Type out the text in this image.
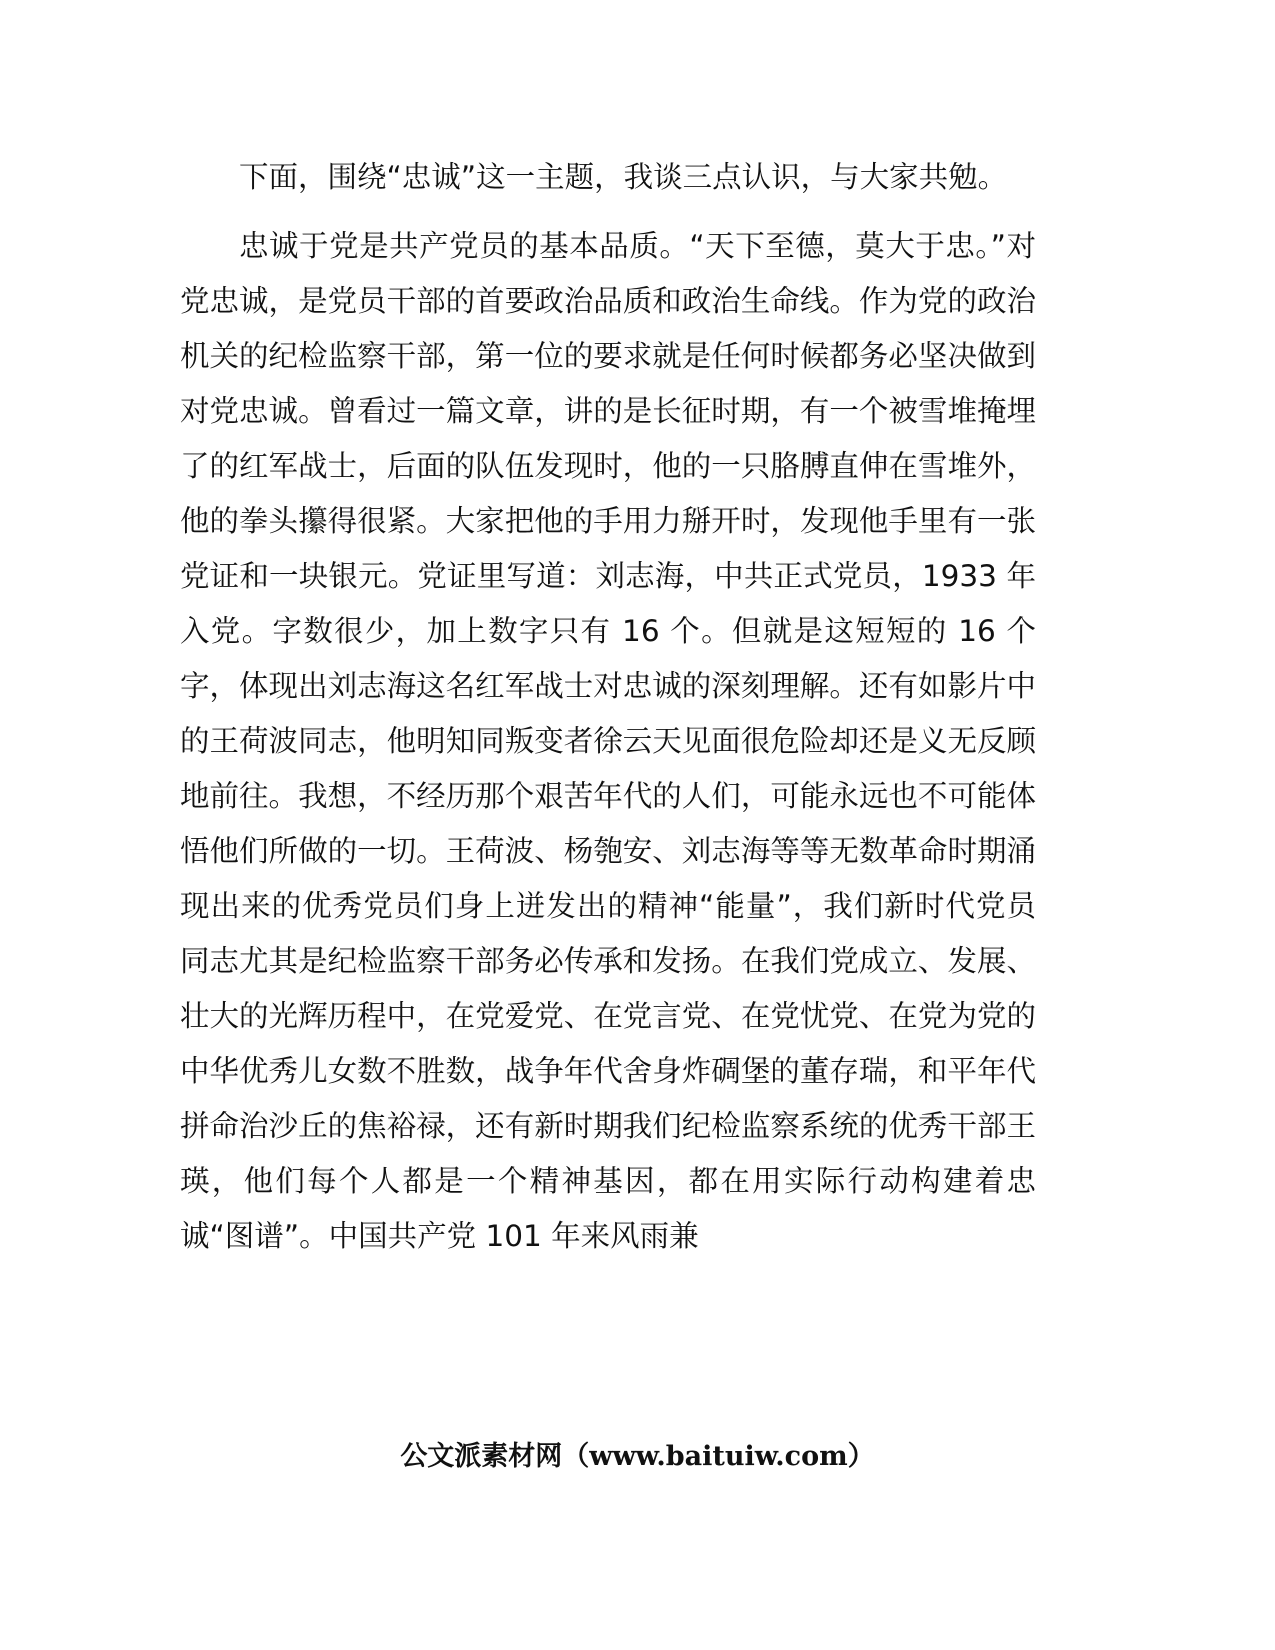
下面，围绕“忠诚”这一主题，我谈三点认识，与大家共勉。

忠诚于党是共产党员的基本品质。“天下至德，莫大于忠。”对党忠诚，是党员干部的首要政治品质和政治生命线。作为党的政治机关的纪检监察干部，第一位的要求就是任何时候都务必坚决做到对党忠诚。曾看过一篇文章，讲的是长征时期，有一个被雪堆掩埋了的红军战士，后面的队伍发现时，他的一只胳膊直伸在雪堆外，他的拳头攥得很紧。大家把他的手用力掰开时，发现他手里有一张党证和一块银元。党证里写道：刘志海，中共正式党员，1933 年入党。字数很少，加上数字只有 16 个。但就是这短短的 16 个字，体现出刘志海这名红军战士对忠诚的深刻理解。还有如影片中的王荷波同志，他明知同叛变者徐云天见面很危险却还是义无反顾地前往。我想，不经历那个艰苦年代的人们，可能永远也不可能体悟他们所做的一切。王荷波、杨匏安、刘志海等等无数革命时期涌现出来的优秀党员们身上迸发出的精神“能量”，我们新时代党员同志尤其是纪检监察干部务必传承和发扬。在我们党成立、发展、壮大的光辉历程中，在党爱党、在党言党、在党忧党、在党为党的中华优秀儿女数不胜数，战争年代舍身炸碉堡的董存瑞，和平年代拼命治沙丘的焦裕禄，还有新时期我们纪检监察系统的优秀干部王瑛，他们每个人都是一个精神基因，都在用实际行动构建着忠诚“图谱”。中国共产党 101 年来风雨兼

公文派素材网（www.baituiw.com）
